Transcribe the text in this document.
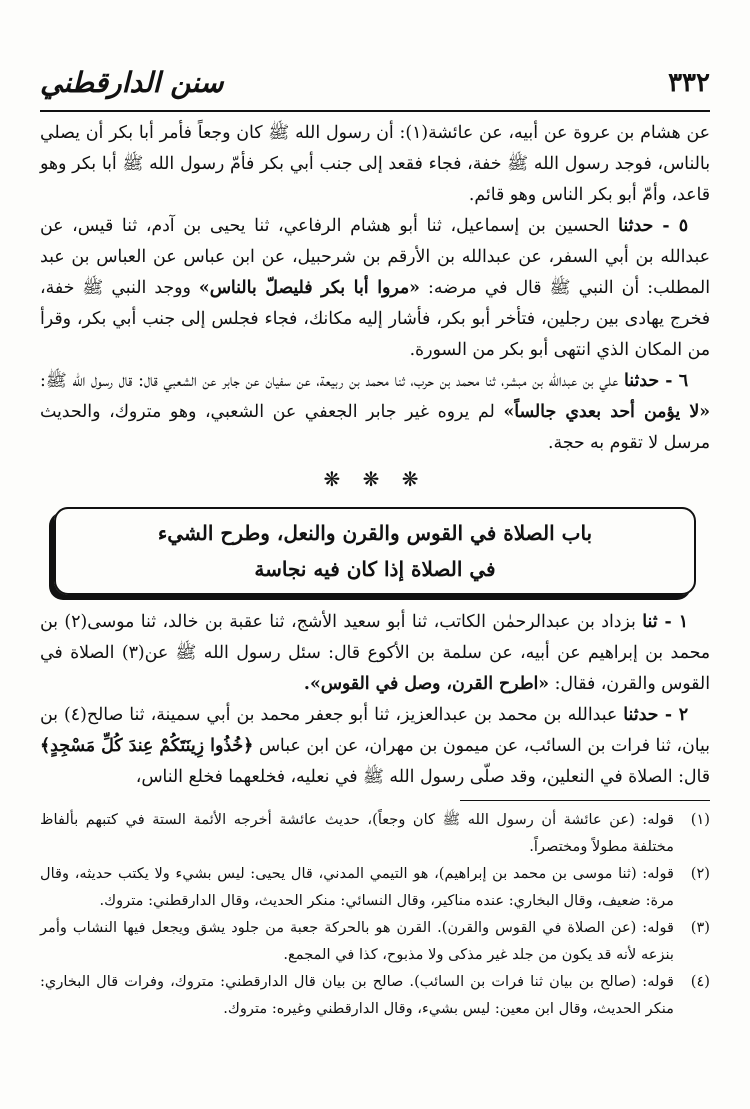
٣٣٢
سنن الدارقطني

عن هشام بن عروة عن أبيه، عن عائشة(١): أن رسول الله ﷺ كان وجعاً فأمر أبا بكر أن يصلي بالناس، فوجد رسول الله ﷺ خفة، فجاء فقعد إلى جنب أبي بكر فأمّ رسول الله ﷺ أبا بكر وهو قاعد، وأمّ أبو بكر الناس وهو قائم.

٥ - حدثنا الحسين بن إسماعيل، ثنا أبو هشام الرفاعي، ثنا يحيى بن آدم، ثنا قيس، عن عبدالله بن أبي السفر، عن عبدالله بن الأرقم بن شرحبيل، عن ابن عباس عن العباس بن عبد المطلب: أن النبي ﷺ قال في مرضه: «مروا أبا بكر فليصلّ بالناس» ووجد النبي ﷺ خفة، فخرج يهادى بين رجلين، فتأخر أبو بكر، فأشار إليه مكانك، فجاء فجلس إلى جنب أبي بكر، وقرأ من المكان الذي انتهى أبو بكر من السورة.

٦ - حدثنا علي بن عبدالله بن مبشر، ثنا محمد بن حرب، ثنا محمد بن ربيعة، عن سفيان عن جابر عن الشعبي قال: قال رسول الله ﷺ: «لا يؤمن أحد بعدي جالساً» لم يروه غير جابر الجعفي عن الشعبي، وهو متروك، والحديث مرسل لا تقوم به حجة.

❋ ❋ ❋
باب الصلاة في القوس والقرن والنعل، وطرح الشيء
في الصلاة إذا كان فيه نجاسة

١ - ثنا بزداد بن عبدالرحمٰن الكاتب، ثنا أبو سعيد الأشج، ثنا عقبة بن خالد، ثنا موسى(٢) بن محمد بن إبراهيم عن أبيه، عن سلمة بن الأكوع قال: سئل رسول الله ﷺ عن(٣) الصلاة في القوس والقرن، فقال: «اطرح القرن، وصل في القوس».

٢ - حدثنا عبدالله بن محمد بن عبدالعزيز، ثنا أبو جعفر محمد بن أبي سمينة، ثنا صالح(٤) بن بيان، ثنا فرات بن السائب، عن ميمون بن مهران، عن ابن عباس ﴿خُذُوا زِينَتَكُمْ عِندَ كُلِّ مَسْجِدٍ﴾ قال: الصلاة في النعلين، وقد صلّى رسول الله ﷺ في نعليه، فخلعهما فخلع الناس،

(١)
قوله: (عن عائشة أن رسول الله ﷺ كان وجعاً)، حديث عائشة أخرجه الأئمة الستة في كتبهم بألفاظ مختلفة مطولاً ومختصراً.
(٢)
قوله: (ثنا موسى بن محمد بن إبراهيم)، هو التيمي المدني، قال يحيى: ليس بشيء ولا يكتب حديثه، وقال مرة: ضعيف، وقال البخاري: عنده مناكير، وقال النسائي: منكر الحديث، وقال الدارقطني: متروك.
(٣)
قوله: (عن الصلاة في القوس والقرن). القرن هو بالحركة جعبة من جلود يشق ويجعل فيها النشاب وأمر بنزعه لأنه قد يكون من جلد غير مذكى ولا مذبوح، كذا في المجمع.
(٤)
قوله: (صالح بن بيان ثنا فرات بن السائب). صالح بن بيان قال الدارقطني: متروك، وفرات قال البخاري: منكر الحديث، وقال ابن معين: ليس بشيء، وقال الدارقطني وغيره: متروك.
